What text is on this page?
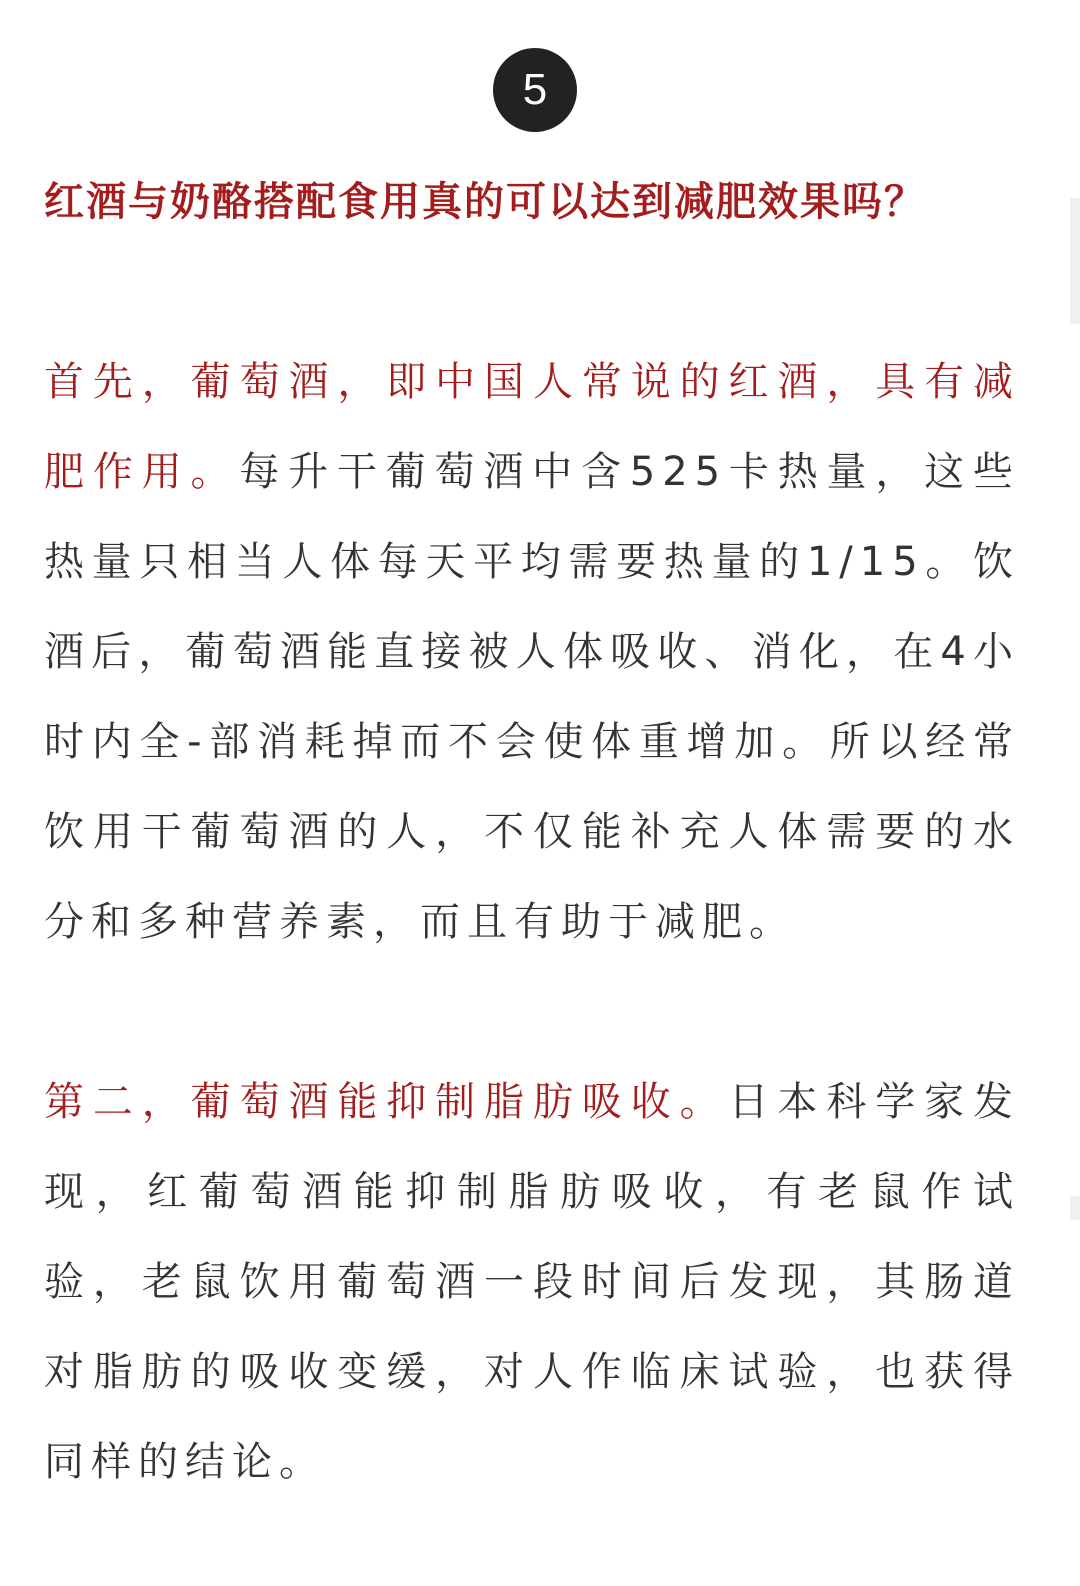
5
红酒与奶酪搭配食用真的可以达到减肥效果吗？
首先，葡萄酒，即中国人常说的红酒，具有减肥作用。每升干葡萄酒中含525卡热量，这些热量只相当人体每天平均需要热量的1/15。饮酒后，葡萄酒能直接被人体吸收、消化，在4小时内全-部消耗掉而不会使体重增加。所以经常饮用干葡萄酒的人，不仅能补充人体需要的水分和多种营养素，而且有助于减肥。
第二，葡萄酒能抑制脂肪吸收。日本科学家发现，红葡萄酒能抑制脂肪吸收，有老鼠作试验，老鼠饮用葡萄酒一段时间后发现，其肠道对脂肪的吸收变缓，对人作临床试验，也获得同样的结论。
